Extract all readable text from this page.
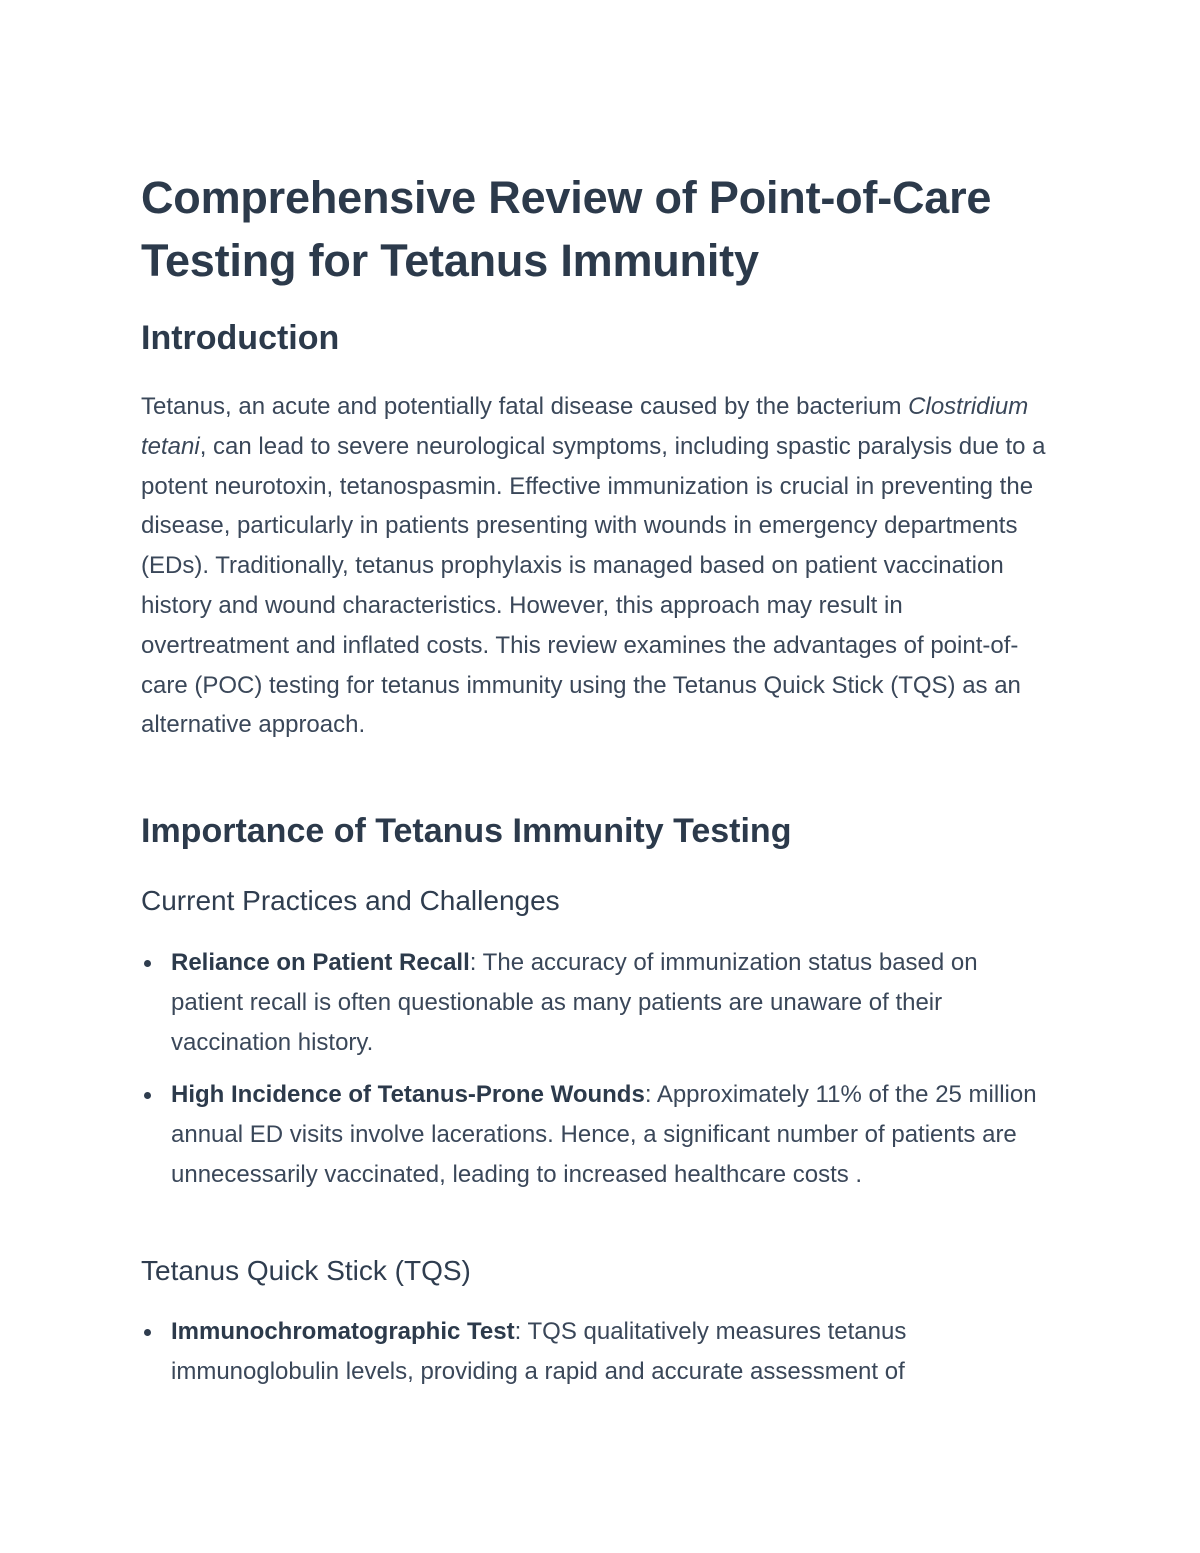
Comprehensive Review of Point-of-Care Testing for Tetanus Immunity
Introduction

Tetanus, an acute and potentially fatal disease caused by the bacterium Clostridium tetani, can lead to severe neurological symptoms, including spastic paralysis due to a potent neurotoxin, tetanospasmin. Effective immunization is crucial in preventing the disease, particularly in patients presenting with wounds in emergency departments (EDs). Traditionally, tetanus prophylaxis is managed based on patient vaccination history and wound characteristics. However, this approach may result in overtreatment and inflated costs. This review examines the advantages of point-of-care (POC) testing for tetanus immunity using the Tetanus Quick Stick (TQS) as an alternative approach.

Importance of Tetanus Immunity Testing
Current Practices and Challenges
Reliance on Patient Recall: The accuracy of immunization status based on patient recall is often questionable as many patients are unaware of their vaccination history.
High Incidence of Tetanus-Prone Wounds: Approximately 11% of the 25 million annual ED visits involve lacerations. Hence, a significant number of patients are unnecessarily vaccinated, leading to increased healthcare costs .
Tetanus Quick Stick (TQS)
Immunochromatographic Test: TQS qualitatively measures tetanus immunoglobulin levels, providing a rapid and accurate assessment of
